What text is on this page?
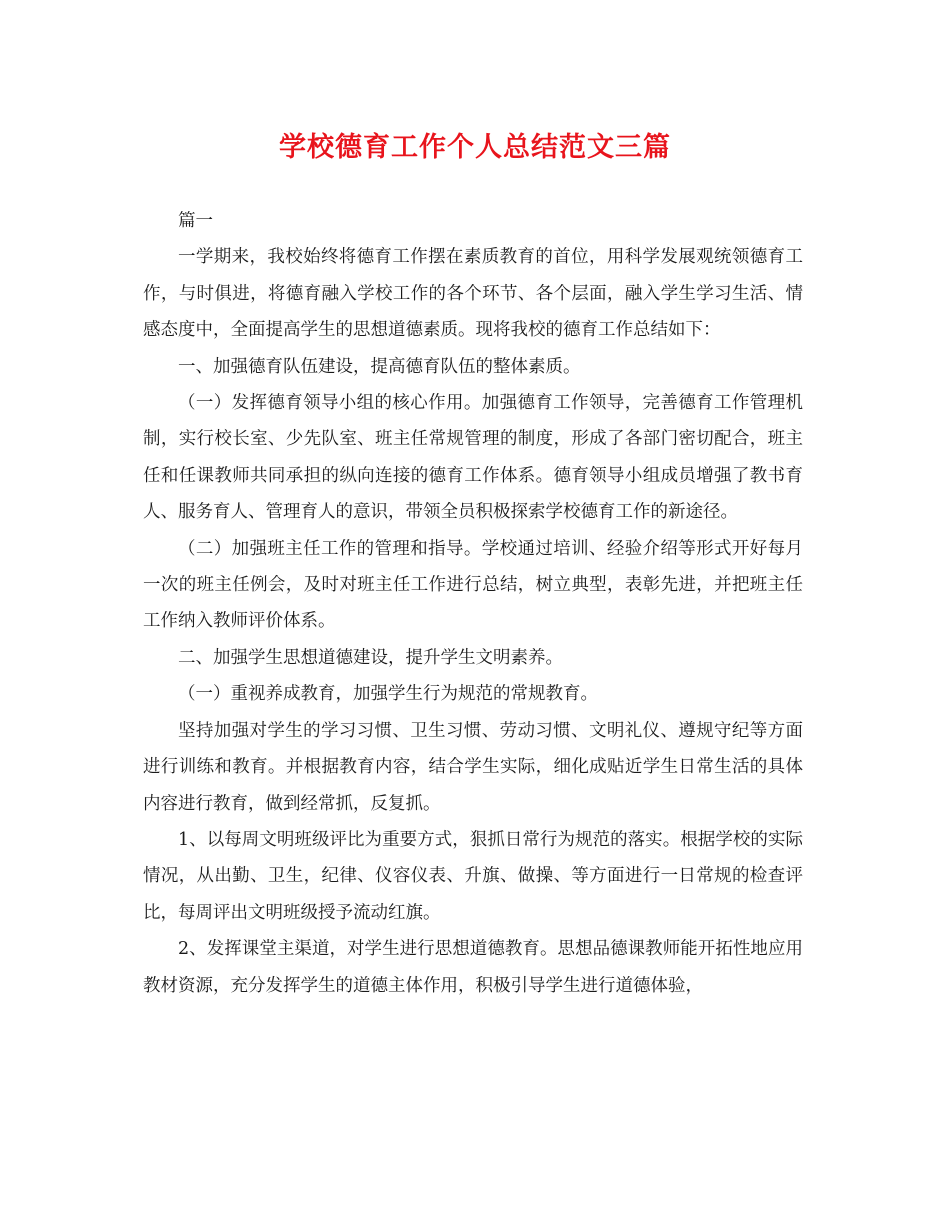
学校德育工作个人总结范文三篇

篇一

一学期来，我校始终将德育工作摆在素质教育的首位，用科学发展观统领德育工作，与时俱进，将德育融入学校工作的各个环节、各个层面，融入学生学习生活、情感态度中，全面提高学生的思想道德素质。现将我校的德育工作总结如下：

一、加强德育队伍建设，提高德育队伍的整体素质。

（一）发挥德育领导小组的核心作用。加强德育工作领导，完善德育工作管理机制，实行校长室、少先队室、班主任常规管理的制度，形成了各部门密切配合，班主任和任课教师共同承担的纵向连接的德育工作体系。德育领导小组成员增强了教书育人、服务育人、管理育人的意识，带领全员积极探索学校德育工作的新途径。

（二）加强班主任工作的管理和指导。学校通过培训、经验介绍等形式开好每月一次的班主任例会，及时对班主任工作进行总结，树立典型，表彰先进，并把班主任工作纳入教师评价体系。

二、加强学生思想道德建设，提升学生文明素养。

（一）重视养成教育，加强学生行为规范的常规教育。

坚持加强对学生的学习习惯、卫生习惯、劳动习惯、文明礼仪、遵规守纪等方面进行训练和教育。并根据教育内容，结合学生实际，细化成贴近学生日常生活的具体内容进行教育，做到经常抓，反复抓。

1、以每周文明班级评比为重要方式，狠抓日常行为规范的落实。根据学校的实际情况，从出勤、卫生，纪律、仪容仪表、升旗、做操、等方面进行一日常规的检查评比，每周评出文明班级授予流动红旗。

2、发挥课堂主渠道，对学生进行思想道德教育。思想品德课教师能开拓性地应用教材资源，充分发挥学生的道德主体作用，积极引导学生进行道德体验，
